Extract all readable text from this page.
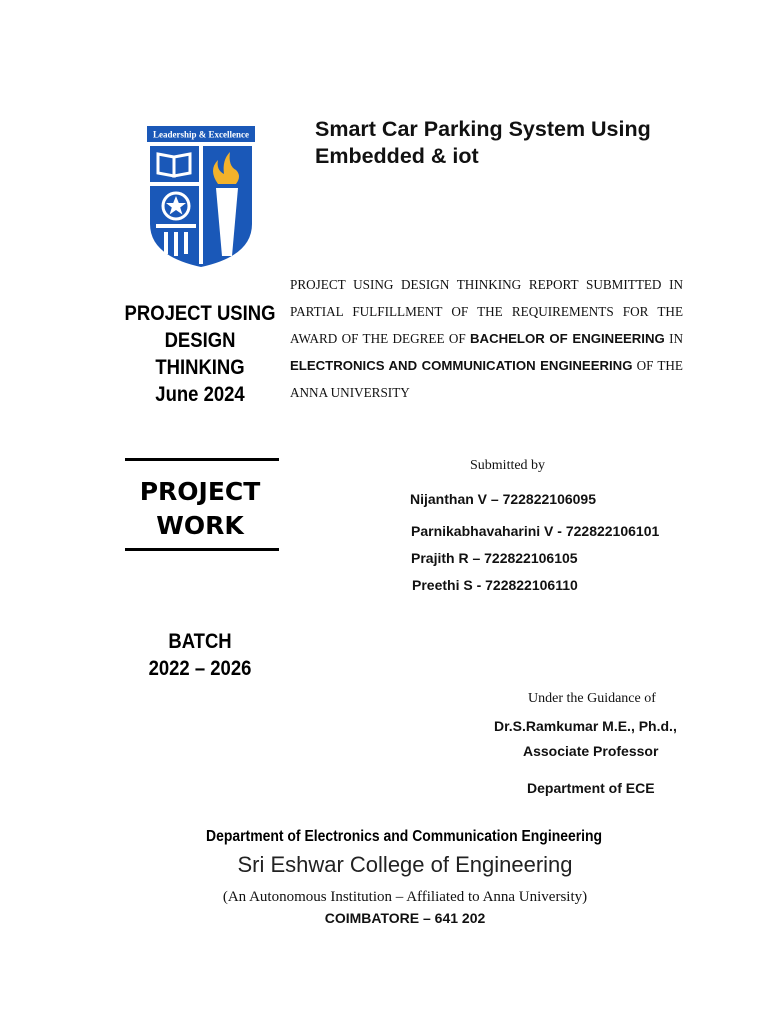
Leadership & Excellence	Smart Car Parking System Using
Embedded & iot
PROJECT USING
DESIGN
THINKING
June 2024
PROJECT USING DESIGN THINKING REPORT SUBMITTED IN PARTIAL FULFILLMENT OF THE REQUIREMENTS FOR THE AWARD OF THE DEGREE OF BACHELOR OF ENGINEERING IN ELECTRONICS AND COMMUNICATION ENGINEERING OF THE ANNA UNIVERSITY
PROJECT
WORK
Submitted by
Nijanthan V – 722822106095
Parnikabhavaharini V - 722822106101
Prajith R – 722822106105
Preethi S - 722822106110
BATCH
2022 – 2026
Under the Guidance of
Dr.S.Ramkumar M.E., Ph.d.,
Associate Professor
Department of ECE
Department of Electronics and Communication Engineering
Sri Eshwar College of Engineering
(An Autonomous Institution – Affiliated to Anna University)
COIMBATORE – 641 202
